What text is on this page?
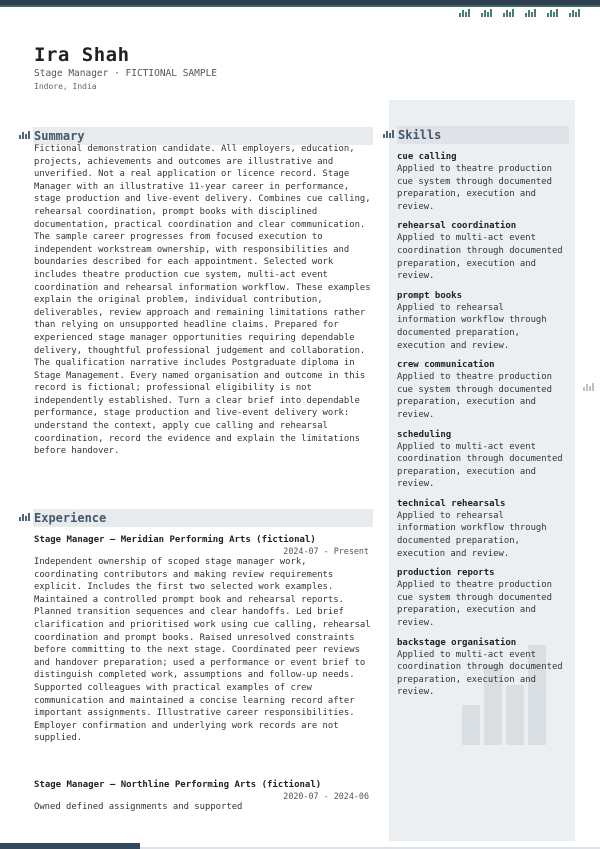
Ira Shah
Stage Manager · FICTIONAL SAMPLE
Indore, India
Summary

Fictional demonstration candidate. All employers, education, projects, achievements and outcomes are illustrative and unverified. Not a real application or licence record. Stage Manager with an illustrative 11-year career in performance, stage production and live-event delivery. Combines cue calling, rehearsal coordination, prompt books with disciplined documentation, practical coordination and clear communication. The sample career progresses from focused execution to independent workstream ownership, with responsibilities and boundaries described for each appointment. Selected work includes theatre production cue system, multi-act event coordination and rehearsal information workflow. These examples explain the original problem, individual contribution, deliverables, review approach and remaining limitations rather than relying on unsupported headline claims. Prepared for experienced stage manager opportunities requiring dependable delivery, thoughtful professional judgement and collaboration. The qualification narrative includes Postgraduate diploma in Stage Management. Every named organisation and outcome in this record is fictional; professional eligibility is not independently established. Turn a clear brief into dependable performance, stage production and live-event delivery work: understand the context, apply cue calling and rehearsal coordination, record the evidence and explain the limitations before handover.

Experience
Stage Manager — Meridian Performing Arts (fictional)
2024-07 - Present

Independent ownership of scoped stage manager work, coordinating contributors and making review requirements explicit. Includes the first two selected work examples. Maintained a controlled prompt book and rehearsal reports. Planned transition sequences and clear handoffs. Led brief clarification and prioritised work using cue calling, rehearsal coordination and prompt books. Raised unresolved constraints before committing to the next stage. Coordinated peer reviews and handover preparation; used a performance or event brief to distinguish completed work, assumptions and follow-up needs. Supported colleagues with practical examples of crew communication and maintained a concise learning record after important assignments. Illustrative career responsibilities. Employer confirmation and underlying work records are not supplied.

Stage Manager — Northline Performing Arts (fictional)
2020-07 - 2024-06

Owned defined assignments and supported

Skills
cue calling
Applied to theatre production cue system through documented preparation, execution and review.
rehearsal coordination
Applied to multi-act event coordination through documented preparation, execution and review.
prompt books
Applied to rehearsal information workflow through documented preparation, execution and review.
crew communication
Applied to theatre production cue system through documented preparation, execution and review.
scheduling
Applied to multi-act event coordination through documented preparation, execution and review.
technical rehearsals
Applied to rehearsal information workflow through documented preparation, execution and review.
production reports
Applied to theatre production cue system through documented preparation, execution and review.
backstage organisation
Applied to multi-act event coordination through documented preparation, execution and review.
